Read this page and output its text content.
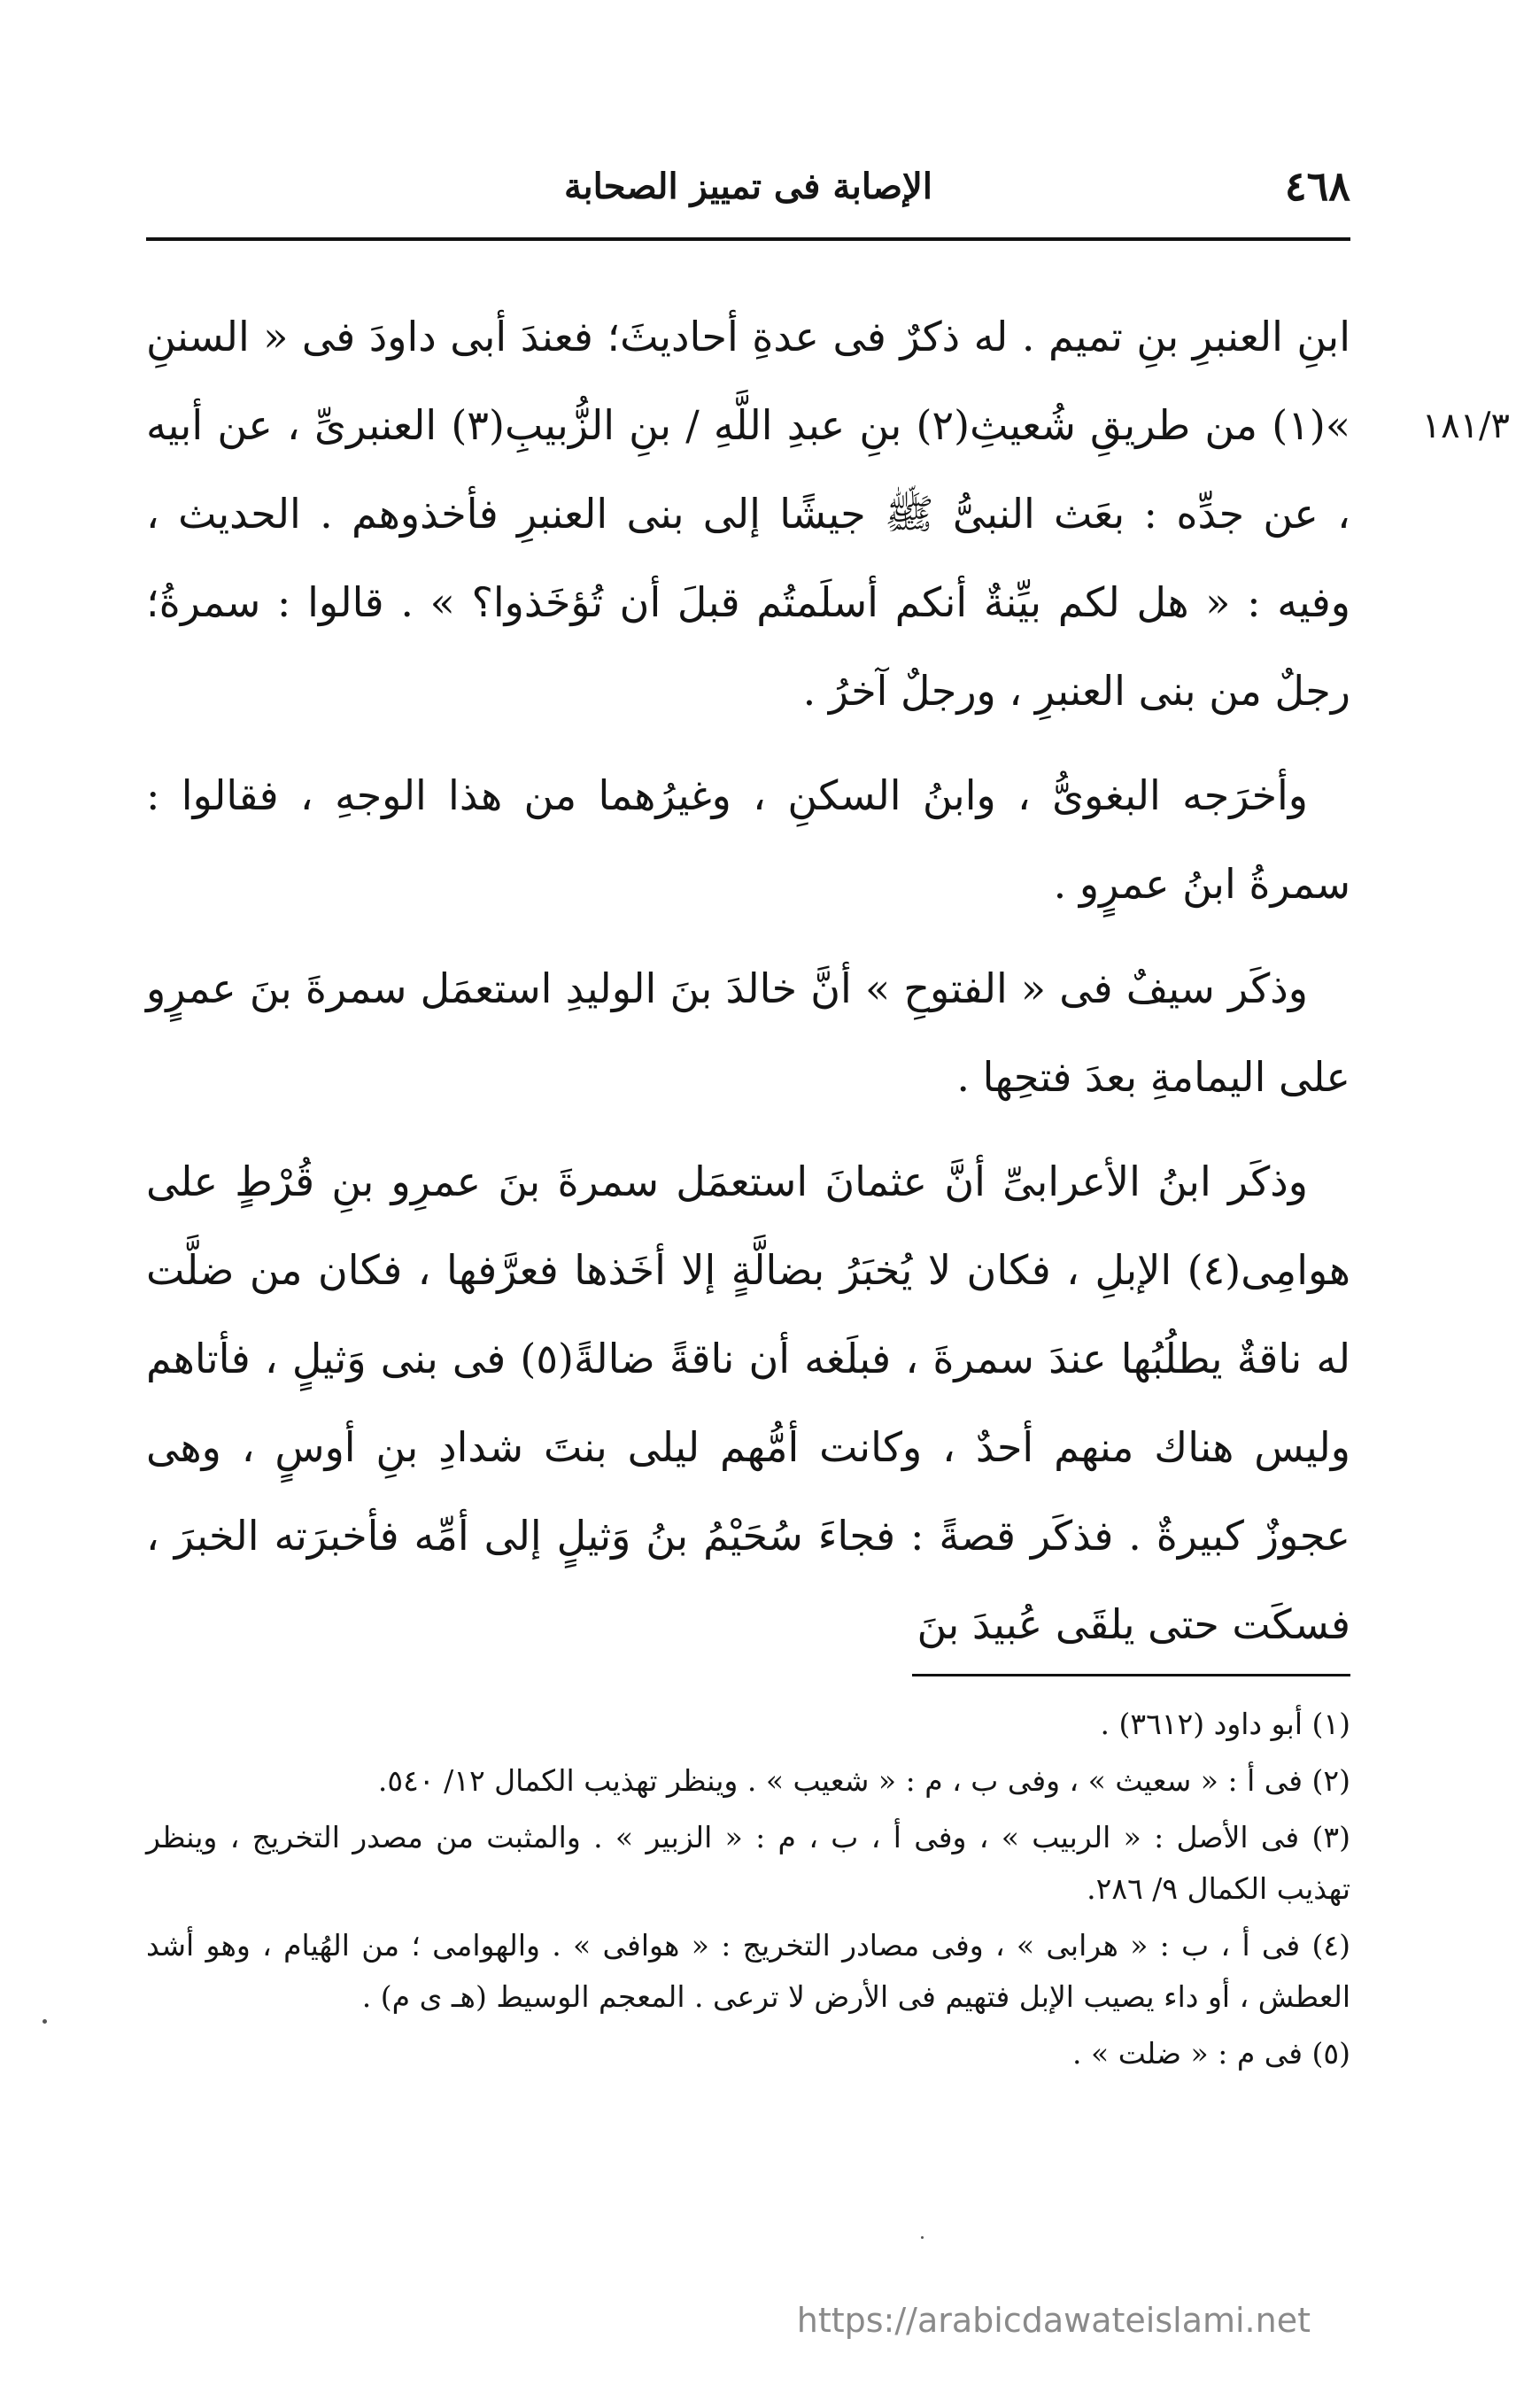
٤٦٨
الإصابة فى تمييز الصحابة
١٨١/٣

ابنِ العنبرِ بنِ تميم . له ذكرٌ فى عدةِ أحاديثَ؛ فعندَ أبى داودَ فى « السننِ »(١) من طريقِ شُعيثِ(٢) بنِ عبدِ اللَّهِ / بنِ الزُّبيبِ(٣) العنبرىِّ ، عن أبيه ، عن جدِّه : بعَث النبىُّ ﷺ جيشًا إلى بنى العنبرِ فأخذوهم . الحديث ، وفيه : « هل لكم بيِّنةٌ أنكم أسلَمتُم قبلَ أن تُؤخَذوا؟ » . قالوا : سمرةُ؛ رجلٌ من بنى العنبرِ ، ورجلٌ آخرُ .

وأخرَجه البغوىُّ ، وابنُ السكنِ ، وغيرُهما من هذا الوجهِ ، فقالوا : سمرةُ ابنُ عمرٍو .

وذكَر سيفٌ فى « الفتوحِ » أنَّ خالدَ بنَ الوليدِ استعمَل سمرةَ بنَ عمرٍو على اليمامةِ بعدَ فتحِها .

وذكَر ابنُ الأعرابىِّ أنَّ عثمانَ استعمَل سمرةَ بنَ عمرِو بنِ قُرْطٍ على هوامِى(٤) الإبلِ ، فكان لا يُخبَرُ بضالَّةٍ إلا أخَذها فعرَّفها ، فكان من ضلَّت له ناقةٌ يطلُبُها عندَ سمرةَ ، فبلَغه أن ناقةً ضالةً(٥) فى بنى وَثيلٍ ، فأتاهم وليس هناك منهم أحدٌ ، وكانت أمُّهم ليلى بنتَ شدادِ بنِ أوسٍ ، وهى عجوزٌ كبيرةٌ . فذكَر قصةً : فجاءَ سُحَيْمُ بنُ وَثيلٍ إلى أمِّه فأخبرَته الخبرَ ، فسكَت حتى يلقَى عُبيدَ بنَ

(١) أبو داود (٣٦١٢) .

(٢) فى أ : « سعيث » ، وفى ب ، م : « شعيب » . وينظر تهذيب الكمال ١٢/ ٥٤٠.

(٣) فى الأصل : « الربيب » ، وفى أ ، ب ، م : « الزبير » . والمثبت من مصدر التخريج ، وينظر تهذيب الكمال ٩/ ٢٨٦.

(٤) فى أ ، ب : « هرابى » ، وفى مصادر التخريج : « هوافى » . والهوامى ؛ من الهُيام ، وهو أشد العطش ، أو داء يصيب الإبل فتهيم فى الأرض لا ترعى . المعجم الوسيط (هـ ى م) .

(٥) فى م : « ضلت » .

https://arabicdawateislami.net
